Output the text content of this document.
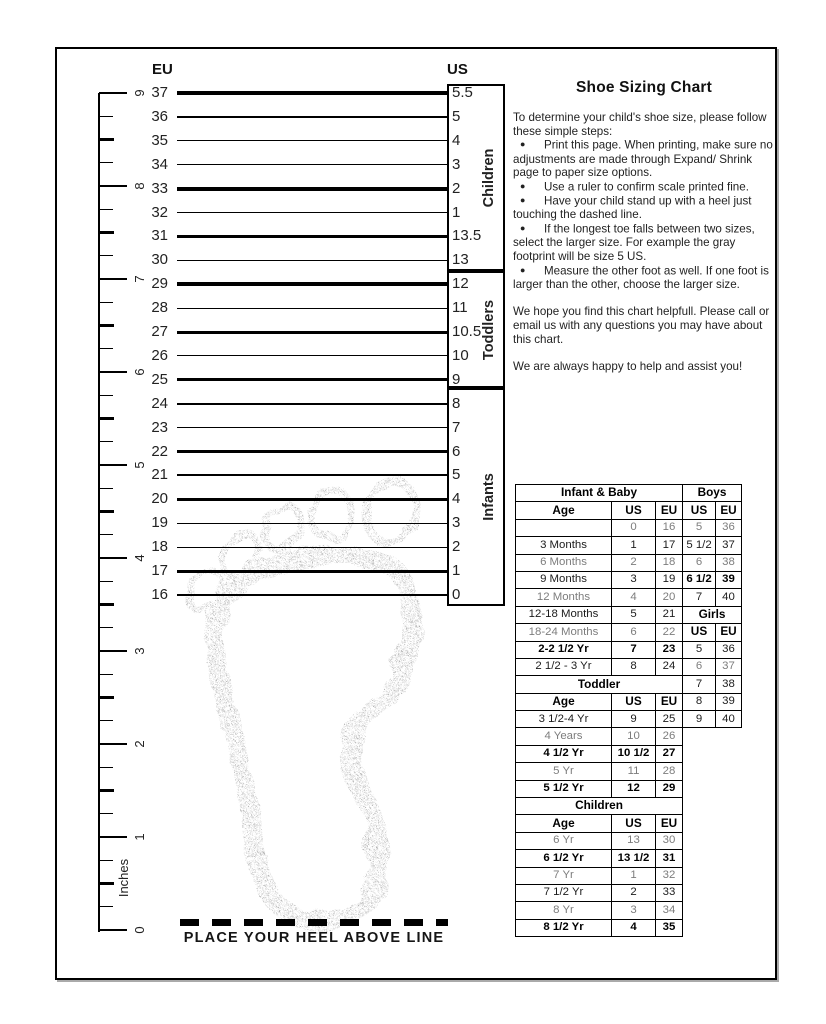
37	5.5
36	5
35	4
34	3
33	2
32	1
31	13.5
30	13
29	12
28	11
27	10.5
26	10
25	9
24	8
23	7
22	6
21	5
20	4
19	3
18	2
17	1
16	0
Children
Toddlers
Infants
0
1
2
3
4
5
6
7
8
9
Inches
EU	US
PLACE YOUR HEEL ABOVE LINE
Shoe Sizing Chart

To determine your child's shoe size, please follow these simple steps:

● Print this page. When printing, make sure no adjustments are made through Expand/ Shrink page to paper size options.
● Use a ruler to confirm scale printed fine.
● Have your child stand up with a heel just touching the dashed line.
● If the longest toe falls between two sizes, select the larger size. For example the gray footprint will be size 5 US.
● Measure the other foot as well. If one foot is larger than the other, choose the larger size.

We hope you find this chart helpfull. Please call or email us with any questions you may have about this chart.

We are always happy to help and assist you!

Infant & Baby		
Age	US	EU
	0	16
3 Months	1	17
6 Months	2	18
9 Months	3	19
12 Months	4	20
12-18 Months	5	21
18-24 Months	6	22
2-2 1/2 Yr	7	23
2 1/2 - 3 Yr	8	24
Toddler		
Age	US	EU
3 1/2-4 Yr	9	25
4 Years	10	26
4 1/2 Yr	10 1/2	27
5 Yr	11	28
5 1/2 Yr	12	29
Children		
Age	US	EU
6 Yr	13	30
6 1/2 Yr	13 1/2	31
7 Yr	1	32
7 1/2 Yr	2	33
8 Yr	3	34
8 1/2 Yr	4	35
Boys	
US	EU
5	36
5 1/2	37
6	38
6 1/2	39
7	40
Girls	
US	EU
5	36
6	37
7	38
8	39
9	40
